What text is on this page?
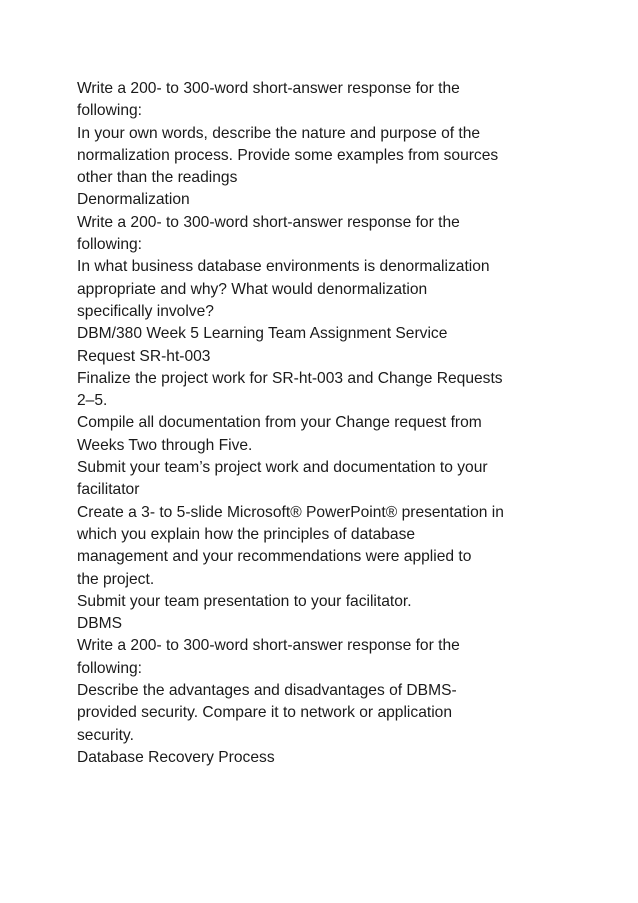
Write a 200- to 300-word short-answer response for the
following:
In your own words, describe the nature and purpose of the
normalization process. Provide some examples from sources
other than the readings
Denormalization
Write a 200- to 300-word short-answer response for the
following:
In what business database environments is denormalization
appropriate and why? What would denormalization
specifically involve?
DBM/380 Week 5 Learning Team Assignment Service
Request SR-ht-003
Finalize the project work for SR-ht-003 and Change Requests
2–5.
Compile all documentation from your Change request from
Weeks Two through Five.
Submit your team’s project work and documentation to your
facilitator
Create a 3- to 5-slide Microsoft® PowerPoint® presentation in
which you explain how the principles of database
management and your recommendations were applied to
the project.
Submit your team presentation to your facilitator.
DBMS
Write a 200- to 300-word short-answer response for the
following:
Describe the advantages and disadvantages of DBMS-
provided security. Compare it to network or application
security.
Database Recovery Process
